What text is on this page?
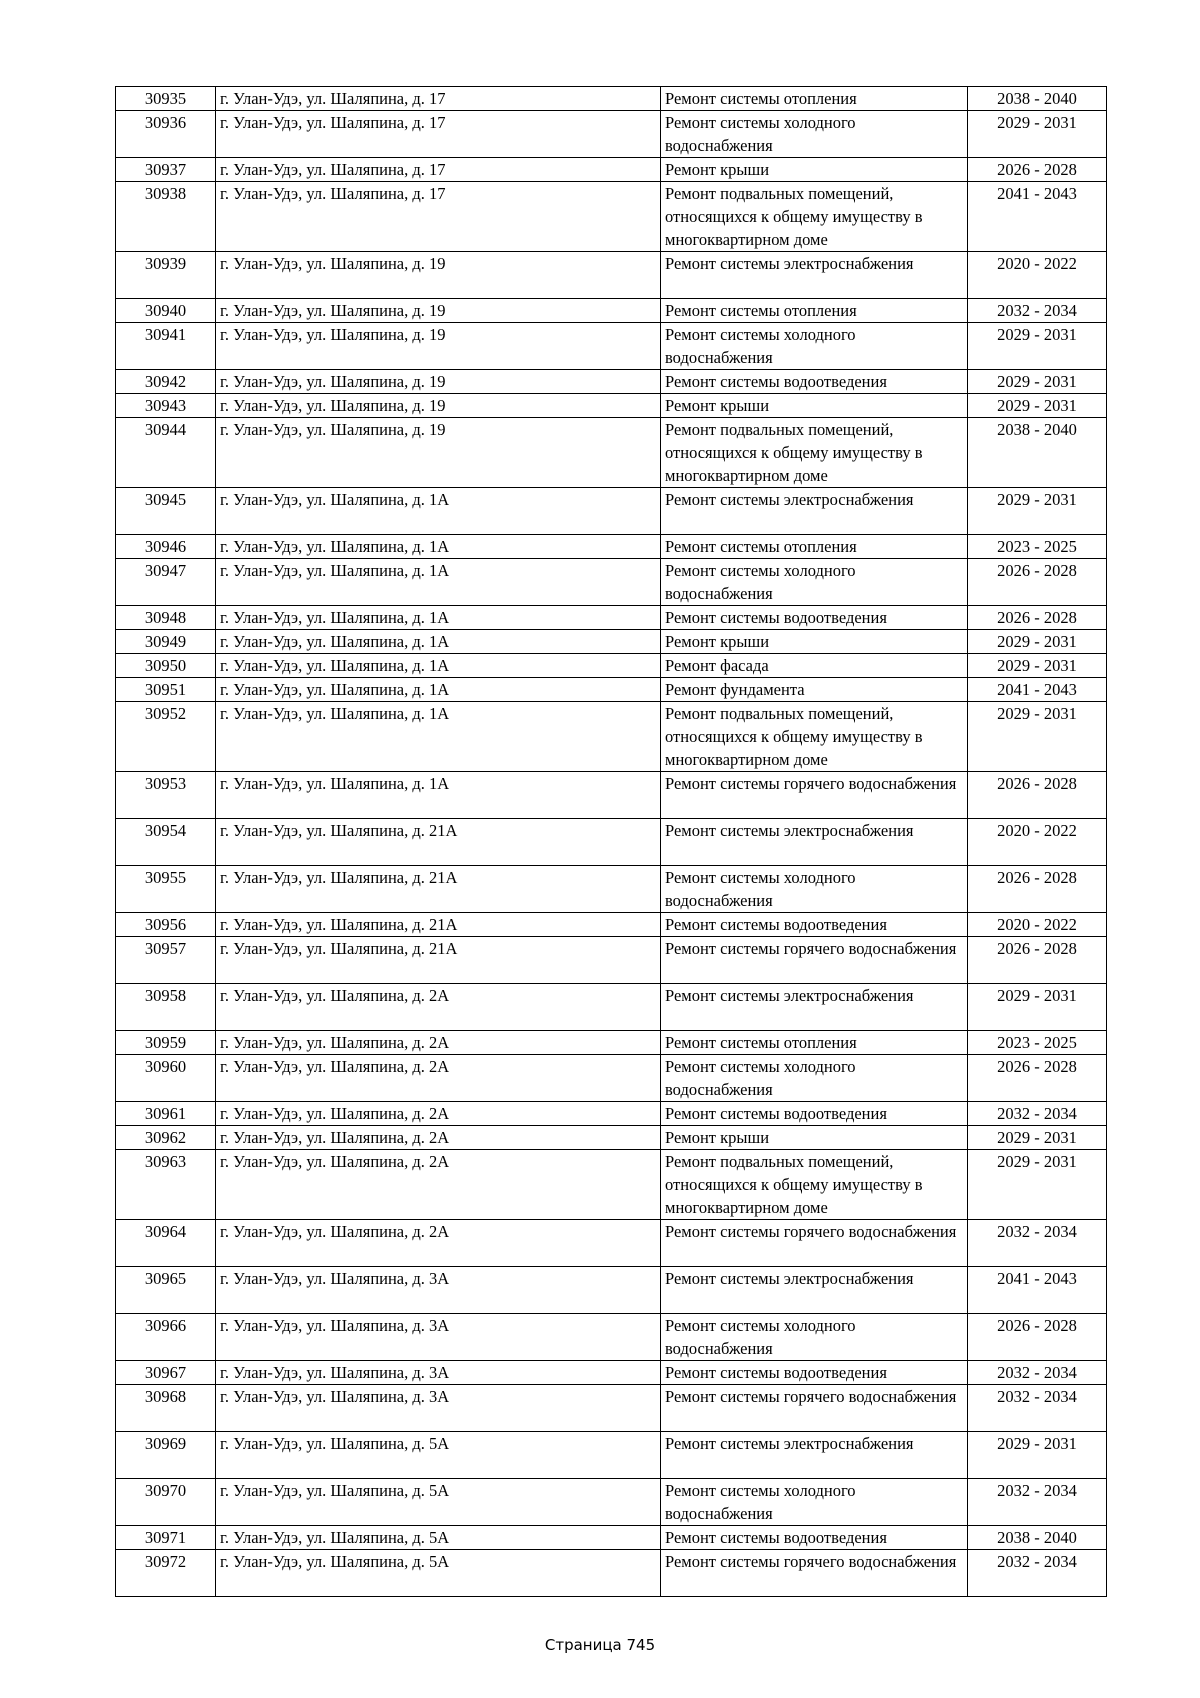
30935	г. Улан-Удэ, ул. Шаляпина, д. 17	Ремонт системы отопления	2038 - 2040
30936	г. Улан-Удэ, ул. Шаляпина, д. 17	Ремонт системы холодного водоснабжения	2029 - 2031
30937	г. Улан-Удэ, ул. Шаляпина, д. 17	Ремонт крыши	2026 - 2028
30938	г. Улан-Удэ, ул. Шаляпина, д. 17	Ремонт подвальных помещений, относящихся к общему имуществу в многоквартирном доме	2041 - 2043
30939	г. Улан-Удэ, ул. Шаляпина, д. 19	Ремонт системы электроснабжения	2020 - 2022
30940	г. Улан-Удэ, ул. Шаляпина, д. 19	Ремонт системы отопления	2032 - 2034
30941	г. Улан-Удэ, ул. Шаляпина, д. 19	Ремонт системы холодного водоснабжения	2029 - 2031
30942	г. Улан-Удэ, ул. Шаляпина, д. 19	Ремонт системы водоотведения	2029 - 2031
30943	г. Улан-Удэ, ул. Шаляпина, д. 19	Ремонт крыши	2029 - 2031
30944	г. Улан-Удэ, ул. Шаляпина, д. 19	Ремонт подвальных помещений, относящихся к общему имуществу в многоквартирном доме	2038 - 2040
30945	г. Улан-Удэ, ул. Шаляпина, д. 1А	Ремонт системы электроснабжения	2029 - 2031
30946	г. Улан-Удэ, ул. Шаляпина, д. 1А	Ремонт системы отопления	2023 - 2025
30947	г. Улан-Удэ, ул. Шаляпина, д. 1А	Ремонт системы холодного водоснабжения	2026 - 2028
30948	г. Улан-Удэ, ул. Шаляпина, д. 1А	Ремонт системы водоотведения	2026 - 2028
30949	г. Улан-Удэ, ул. Шаляпина, д. 1А	Ремонт крыши	2029 - 2031
30950	г. Улан-Удэ, ул. Шаляпина, д. 1А	Ремонт фасада	2029 - 2031
30951	г. Улан-Удэ, ул. Шаляпина, д. 1А	Ремонт фундамента	2041 - 2043
30952	г. Улан-Удэ, ул. Шаляпина, д. 1А	Ремонт подвальных помещений, относящихся к общему имуществу в многоквартирном доме	2029 - 2031
30953	г. Улан-Удэ, ул. Шаляпина, д. 1А	Ремонт системы горячего водоснабжения	2026 - 2028
30954	г. Улан-Удэ, ул. Шаляпина, д. 21А	Ремонт системы электроснабжения	2020 - 2022
30955	г. Улан-Удэ, ул. Шаляпина, д. 21А	Ремонт системы холодного водоснабжения	2026 - 2028
30956	г. Улан-Удэ, ул. Шаляпина, д. 21А	Ремонт системы водоотведения	2020 - 2022
30957	г. Улан-Удэ, ул. Шаляпина, д. 21А	Ремонт системы горячего водоснабжения	2026 - 2028
30958	г. Улан-Удэ, ул. Шаляпина, д. 2А	Ремонт системы электроснабжения	2029 - 2031
30959	г. Улан-Удэ, ул. Шаляпина, д. 2А	Ремонт системы отопления	2023 - 2025
30960	г. Улан-Удэ, ул. Шаляпина, д. 2А	Ремонт системы холодного водоснабжения	2026 - 2028
30961	г. Улан-Удэ, ул. Шаляпина, д. 2А	Ремонт системы водоотведения	2032 - 2034
30962	г. Улан-Удэ, ул. Шаляпина, д. 2А	Ремонт крыши	2029 - 2031
30963	г. Улан-Удэ, ул. Шаляпина, д. 2А	Ремонт подвальных помещений, относящихся к общему имуществу в многоквартирном доме	2029 - 2031
30964	г. Улан-Удэ, ул. Шаляпина, д. 2А	Ремонт системы горячего водоснабжения	2032 - 2034
30965	г. Улан-Удэ, ул. Шаляпина, д. 3А	Ремонт системы электроснабжения	2041 - 2043
30966	г. Улан-Удэ, ул. Шаляпина, д. 3А	Ремонт системы холодного водоснабжения	2026 - 2028
30967	г. Улан-Удэ, ул. Шаляпина, д. 3А	Ремонт системы водоотведения	2032 - 2034
30968	г. Улан-Удэ, ул. Шаляпина, д. 3А	Ремонт системы горячего водоснабжения	2032 - 2034
30969	г. Улан-Удэ, ул. Шаляпина, д. 5А	Ремонт системы электроснабжения	2029 - 2031
30970	г. Улан-Удэ, ул. Шаляпина, д. 5А	Ремонт системы холодного водоснабжения	2032 - 2034
30971	г. Улан-Удэ, ул. Шаляпина, д. 5А	Ремонт системы водоотведения	2038 - 2040
30972	г. Улан-Удэ, ул. Шаляпина, д. 5А	Ремонт системы горячего водоснабжения	2032 - 2034
Страница 745
